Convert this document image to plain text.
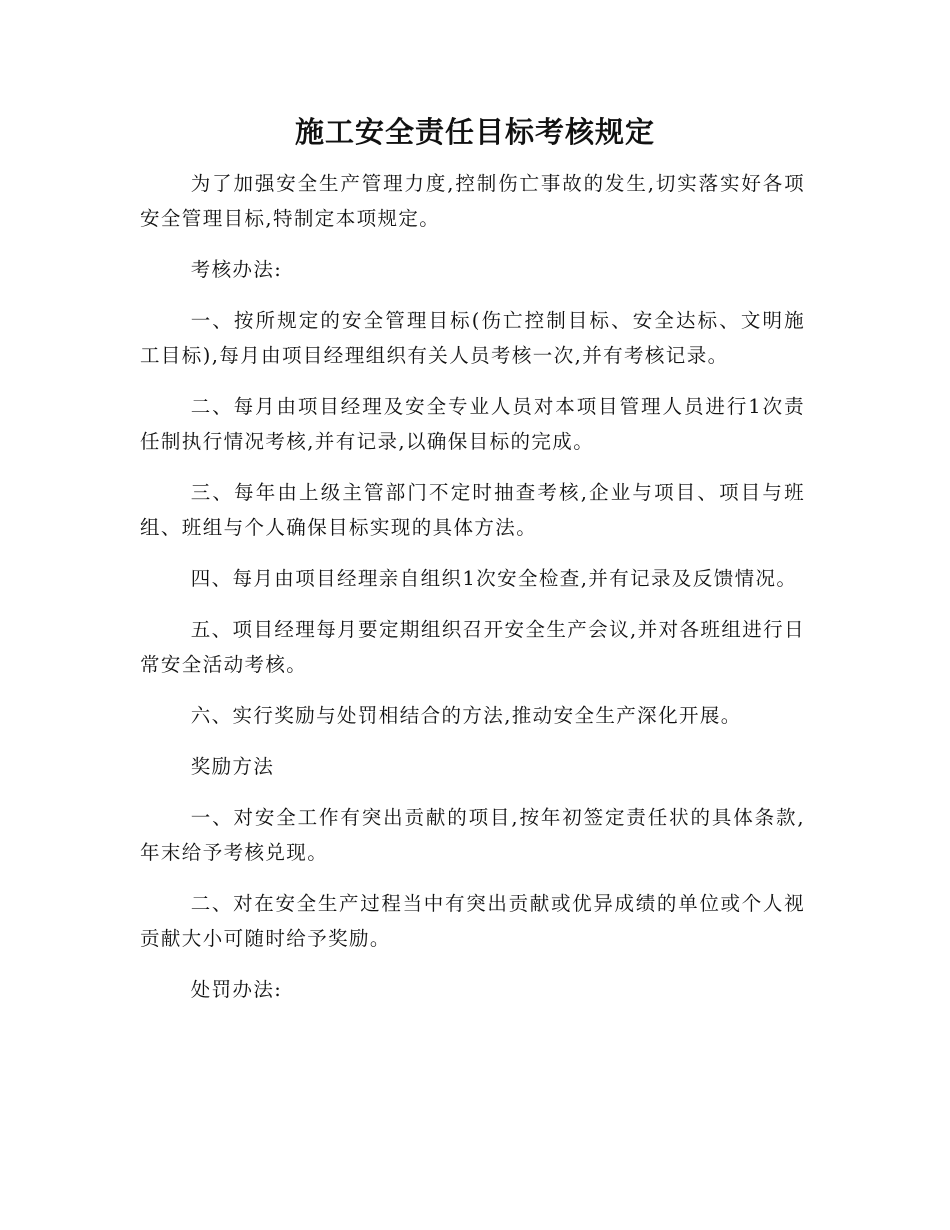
施工安全责任目标考核规定

为了加强安全生产管理力度,控制伤亡事故的发生,切实落实好各项安全管理目标,特制定本项规定。

考核办法:

一、按所规定的安全管理目标(伤亡控制目标、安全达标、文明施工目标),每月由项目经理组织有关人员考核一次,并有考核记录。

二、每月由项目经理及安全专业人员对本项目管理人员进行1次责任制执行情况考核,并有记录,以确保目标的完成。

三、每年由上级主管部门不定时抽查考核,企业与项目、项目与班组、班组与个人确保目标实现的具体方法。

四、每月由项目经理亲自组织1次安全检查,并有记录及反馈情况。

五、项目经理每月要定期组织召开安全生产会议,并对各班组进行日常安全活动考核。

六、实行奖励与处罚相结合的方法,推动安全生产深化开展。

奖励方法

一、对安全工作有突出贡献的项目,按年初签定责任状的具体条款,年末给予考核兑现。

二、对在安全生产过程当中有突出贡献或优异成绩的单位或个人视贡献大小可随时给予奖励。

处罚办法:
